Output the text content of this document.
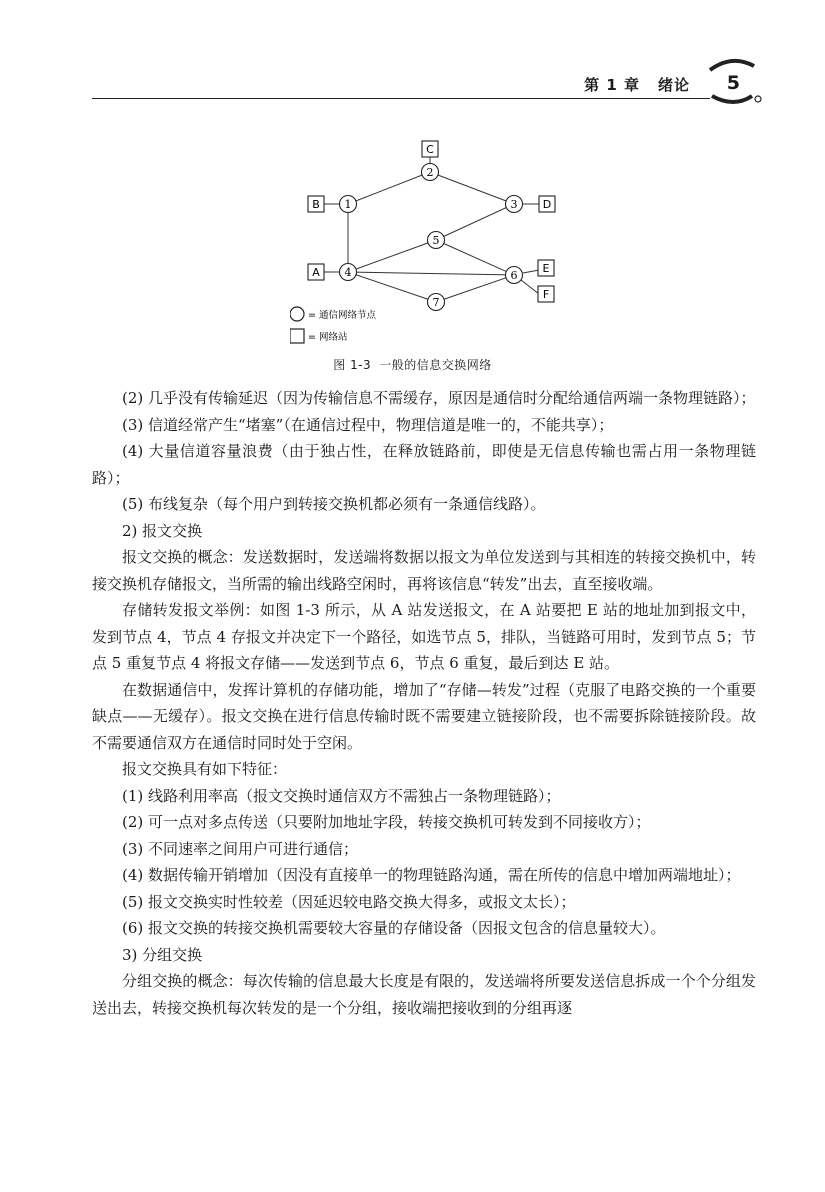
第 1 章 绪论 5
1
2
3
4
5
6
7
A
B
C
D
E
F
= 通信网络节点
= 网络站
图 1-3 一般的信息交换网络

(2) 几乎没有传输延迟（因为传输信息不需缓存，原因是通信时分配给通信两端一条物理链路）；

(3) 信道经常产生“堵塞”（在通信过程中，物理信道是唯一的，不能共享）；

(4) 大量信道容量浪费（由于独占性，在释放链路前，即使是无信息传输也需占用一条物理链路）；

(5) 布线复杂（每个用户到转接交换机都必须有一条通信线路）。

2) 报文交换

报文交换的概念：发送数据时，发送端将数据以报文为单位发送到与其相连的转接交换机中，转接交换机存储报文，当所需的输出线路空闲时，再将该信息“转发”出去，直至接收端。

存储转发报文举例：如图 1-3 所示，从 A 站发送报文，在 A 站要把 E 站的地址加到报文中，发到节点 4，节点 4 存报文并决定下一个路径，如选节点 5，排队，当链路可用时，发到节点 5；节点 5 重复节点 4 将报文存储——发送到节点 6，节点 6 重复，最后到达 E 站。

在数据通信中，发挥计算机的存储功能，增加了“存储—转发”过程（克服了电路交换的一个重要缺点——无缓存）。报文交换在进行信息传输时既不需要建立链接阶段，也不需要拆除链接阶段。故不需要通信双方在通信时同时处于空闲。

报文交换具有如下特征：

(1) 线路利用率高（报文交换时通信双方不需独占一条物理链路）；

(2) 可一点对多点传送（只要附加地址字段，转接交换机可转发到不同接收方）；

(3) 不同速率之间用户可进行通信；

(4) 数据传输开销增加（因没有直接单一的物理链路沟通，需在所传的信息中增加两端地址）；

(5) 报文交换实时性较差（因延迟较电路交换大得多，或报文太长）；

(6) 报文交换的转接交换机需要较大容量的存储设备（因报文包含的信息量较大）。

3) 分组交换

分组交换的概念：每次传输的信息最大长度是有限的，发送端将所要发送信息拆成一个个分组发送出去，转接交换机每次转发的是一个分组，接收端把接收到的分组再逐
